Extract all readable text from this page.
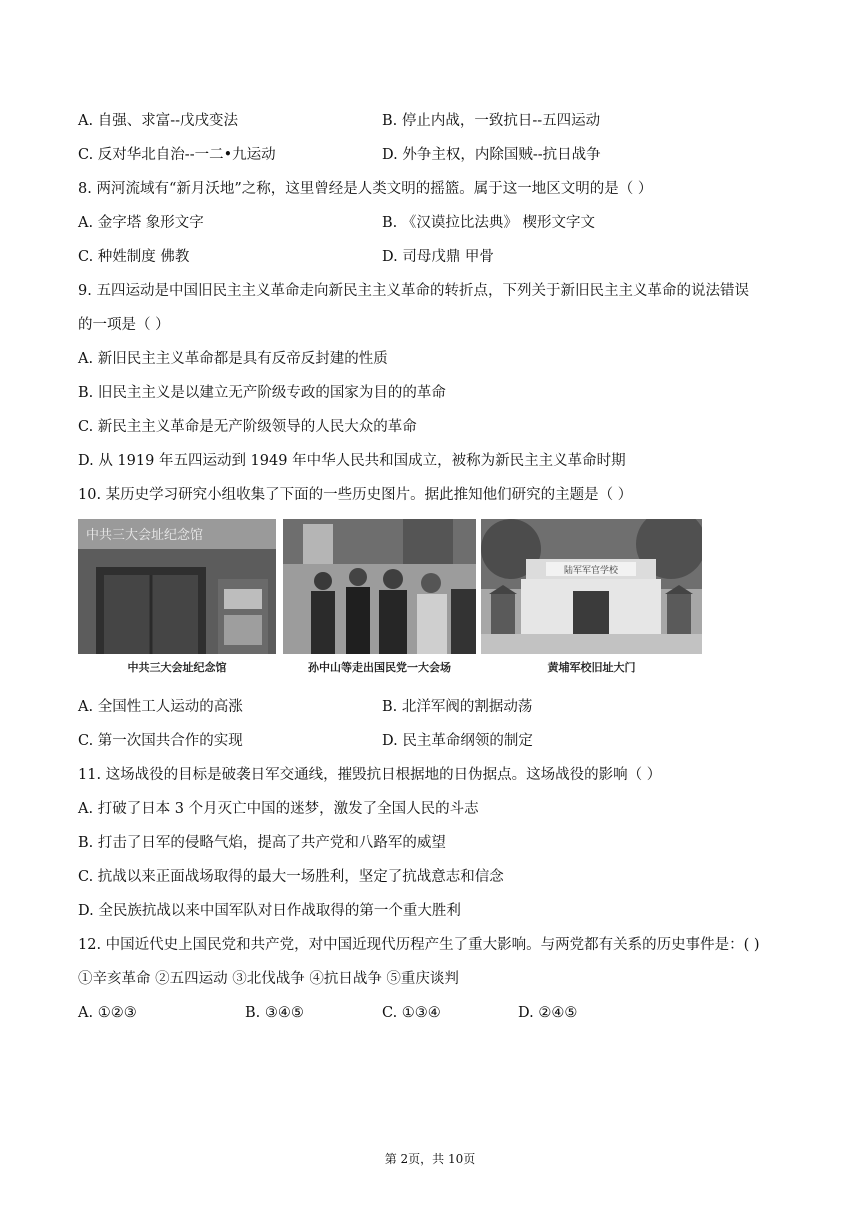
A. 自强、求富--戊戌变法	B. 停止内战，一致抗日--五四运动
C. 反对华北自治--一二•九运动	D. 外争主权，内除国贼--抗日战争
8. 两河流域有“新月沃地”之称，这里曾经是人类文明的摇篮。属于这一地区文明的是（ ）
A. 金字塔 象形文字	B. 《汉谟拉比法典》 楔形文字文
C. 种姓制度 佛教	D. 司母戊鼎 甲骨
9. 五四运动是中国旧民主主义革命走向新民主主义革命的转折点，下列关于新旧民主主义革命的说法错误
的一项是（ ）
A. 新旧民主主义革命都是具有反帝反封建的性质
B. 旧民主主义是以建立无产阶级专政的国家为目的的革命
C. 新民主主义革命是无产阶级领导的人民大众的革命
D. 从 1919 年五四运动到 1949 年中华人民共和国成立，被称为新民主主义革命时期
10. 某历史学习研究小组收集了下面的一些历史图片。据此推知他们研究的主题是（ ）
中共三大会址纪念馆
中共三大会址纪念馆	孙中山等走出国民党一大会场
陆军军官学校
黄埔军校旧址大门
A. 全国性工人运动的高涨	B. 北洋军阀的割据动荡
C. 第一次国共合作的实现	D. 民主革命纲领的制定
11. 这场战役的目标是破袭日军交通线，摧毁抗日根据地的日伪据点。这场战役的影响（ ）
A. 打破了日本 3 个月灭亡中国的迷梦，激发了全国人民的斗志
B. 打击了日军的侵略气焰，提高了共产党和八路军的威望
C. 抗战以来正面战场取得的最大一场胜利，坚定了抗战意志和信念
D. 全民族抗战以来中国军队对日作战取得的第一个重大胜利
12. 中国近代史上国民党和共产党，对中国近现代历程产生了重大影响。与两党都有关系的历史事件是：( )
①辛亥革命 ②五四运动 ③北伐战争 ④抗日战争 ⑤重庆谈判
A. ①②③	B. ③④⑤	C. ①③④	D. ②④⑤
第 2页，共 10页
